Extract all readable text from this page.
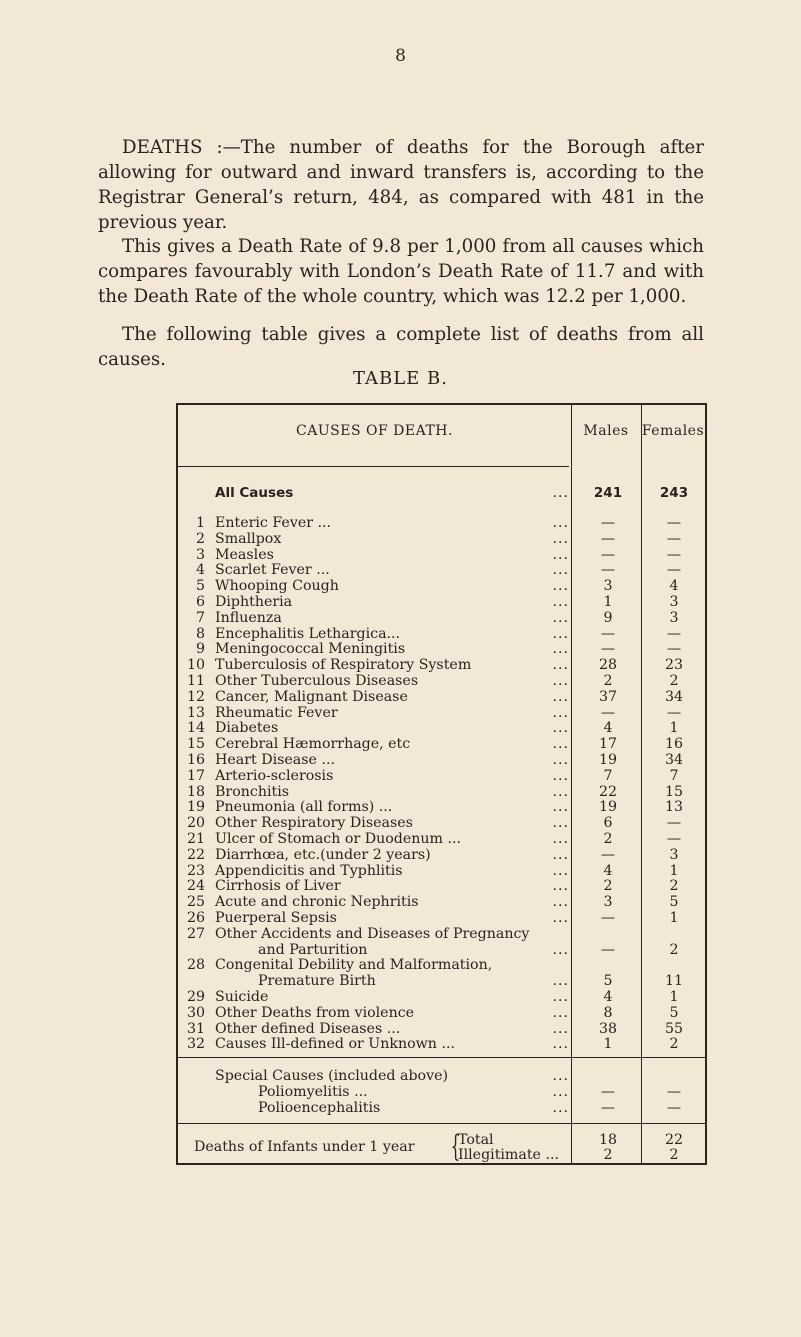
8

DEATHS :—The number of deaths for the Borough after allowing for outward and inward transfers is, according to the Registrar General’s return, 484, as compared with 481 in the previous year.

This gives a Death Rate of 9.8 per 1,000 from all causes which compares favourably with London’s Death Rate of 11.7 and with the Death Rate of the whole country, which was 12.2 per 1,000.

The following table gives a complete list of deaths from all causes.

TABLE B.
CAUSES OF DEATH.	Males Females
All Causes	...	241	243
1 Enteric Fever ...	...	—	—
2 Smallpox	...	—	—
3 Measles	...	—	—
4 Scarlet Fever ...	...	—	—
5 Whooping Cough	...	3	4
6 Diphtheria	...	1	3
7 Influenza	...	9	3
8 Encephalitis Lethargica...	...	—	—
9 Meningococcal Meningitis	...	—	—
10 Tuberculosis of Respiratory System	...	28	23
11 Other Tuberculous Diseases	...	2	2
12 Cancer, Malignant Disease	...	37	34
13 Rheumatic Fever	...	—	—
14 Diabetes	...	4	1
15 Cerebral Hæmorrhage, etc	...	17	16
16 Heart Disease ...	...	19	34
17 Arterio-sclerosis	...	7	7
18 Bronchitis	...	22	15
19 Pneumonia (all forms) ...	...	19	13
20 Other Respiratory Diseases	...	6	—
21 Ulcer of Stomach or Duodenum ...	...	2	—
22 Diarrhœa, etc.(under 2 years)	...	—	3
23 Appendicitis and Typhlitis	...	4	1
24 Cirrhosis of Liver	...	2	2
25 Acute and chronic Nephritis	...	3	5
26 Puerperal Sepsis	...	—	1
27 Other Accidents and Diseases of Pregnancy
and Parturition	...	—	2
28 Congenital Debility and Malformation,
Premature Birth	...	5	11
29 Suicide	...	4	1
30 Other Deaths from violence	...	8	5
31 Other defined Diseases ...	...	38	55
32 Causes Ill-defined or Unknown ...	...	1	2
Special Causes (included above)	...
Poliomyelitis ...	...	—	—
Polioencephalitis	...	—	—
Deaths of Infants under 1 year	Total	18	22
Illegitimate ...	2	2
{
